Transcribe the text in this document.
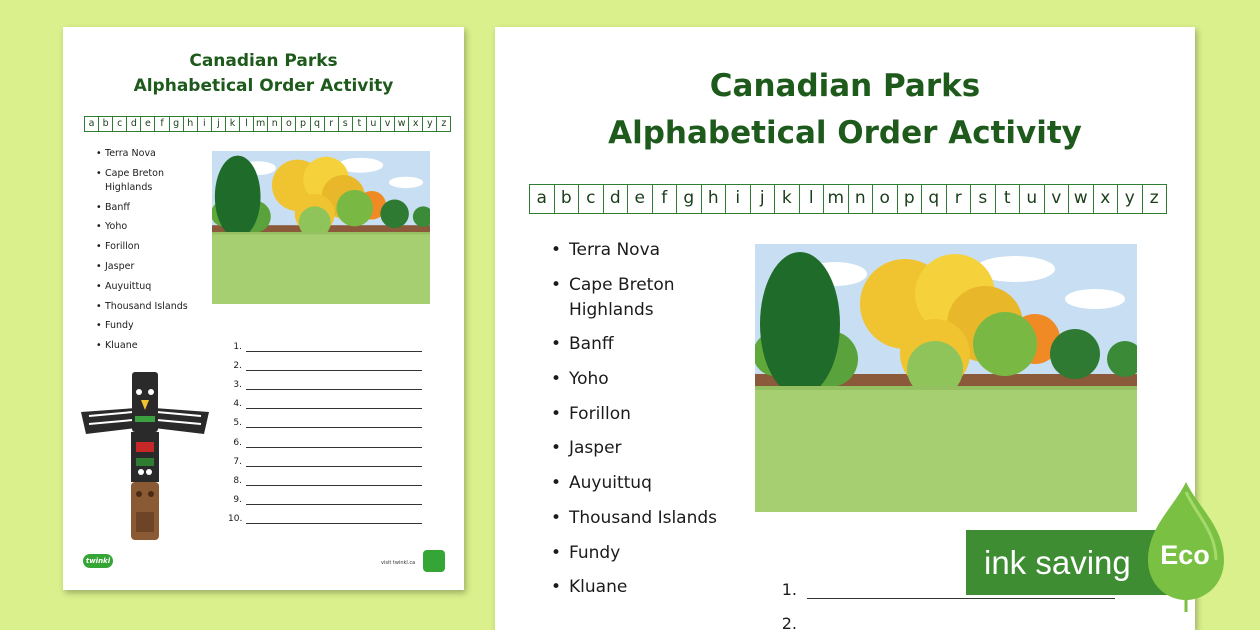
Canadian Parks
Alphabetical Order Activity
a b c d e f g h	i	j	k	l m n o p q r	s	t u v w x y z
• Terra Nova
• Cape Breton
Highlands
• Banff
• Yoho
• Forillon
• Jasper
• Auyuittuq
• Thousand Islands
• Fundy
• Kluane	1.
2.
3.
4.
5.
6.
7.
8.
9.
10.
twinkl	visit twinkl.ca
Canadian Parks
Alphabetical Order Activity
a b c d e f g h i	j	k	l m n o p q r s t u v w x y z
• Terra Nova
• Cape Breton
Highlands
• Banff
• Yoho
• Forillon
• Jasper
• Auyuittuq
• Thousand Islands
• Fundy
• Kluane	1.
2.
ink saving	Eco
